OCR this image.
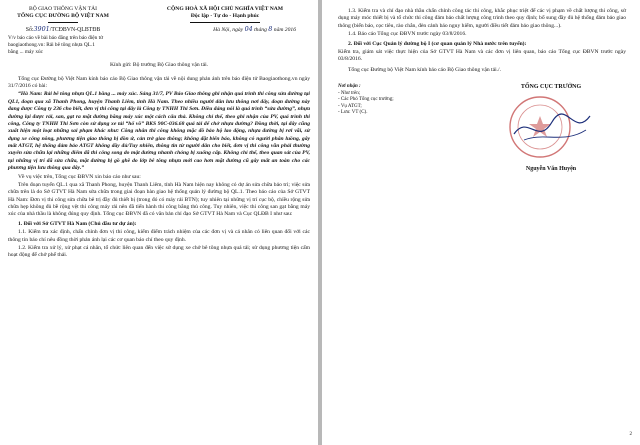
BỘ GIAO THÔNG VẬN TẢI
TỔNG CỤC ĐƯỜNG BỘ VIỆT NAM
Số:3901/TCĐBVN-QLBTĐB
V/v báo cáo về bài báo đăng trên báo điện tử
baogiaothong.vn: Rải bê tông nhựa QL.1
bằng ... máy xúc
CỘNG HOÀ XÃ HỘI CHỦ NGHĨA VIỆT NAM
Độc lập - Tự do - Hạnh phúc
Hà Nội, ngày 04 tháng 8 năm 2016
Kính gửi: Bộ trưởng Bộ Giao thông vận tải.

Tổng cục Đường bộ Việt Nam kính báo cáo Bộ Giao thông vận tải về nội dung phản ánh trên báo điện tử Baogiaothong.vn ngày 31/7/2016 có bài:

“Hà Nam: Rải bê tông nhựa QL.1 bằng ... máy xúc. Sáng 31/7, PV Báo Giao thông ghi nhận quá trình thi công sửa đường tại QL1, đoạn qua xã Thanh Phong, huyện Thanh Liêm, tỉnh Hà Nam. Theo nhiều người dân lưu thông nơi đây, đoạn đường này đang được Công ty 236 cho biết, đơn vị thi công tại đây là Công ty TNHH Thi Sơn. Điều đáng nói là quá trình “sửa đường”, nhựa đường lại được rải, san, gạt ra mặt đường bằng máy xúc một cách cẩu thả. Không chỉ thế, theo ghi nhận của PV, quá trình thi công, Công ty TNHH Thi Sơn còn sử dụng xe tải “hổ vồ” BKS 90C-036.68 quá tải để chở nhựa đường? Đồng thời, tại đây cũng xuất hiện một loạt những sai phạm khác như: Công nhân thi công không mặc đồ bảo hộ lao động, nhựa đường bị rơi vãi, sử dụng xe công nông, phương tiện giao thông bị dồn ứ, cản trở giao thông; không đặt biển báo, không có người phân luồng, gây mất ATGT, hệ thống đảm bảo ATGT không đầy đủ/Tuy nhiên, thông tin từ người dân cho biết, đơn vị thi công vẫn phải thường xuyên sửa chữa lại những điểm đã thi công song do mật đường nhanh chóng bị xuống cấp. Không chỉ thế, theo quan sát của PV, tại những vị trí đã sửa chữa, mặt đường bị gồ ghề do lớp bê tông nhựa mới cao hơn mặt đường cũ gây mất an toàn cho các phương tiện lưu thông qua đây.”

Về vụ việc trên, Tổng cục ĐBVN xin báo cáo như sau:

Trên đoạn tuyến QL.1 qua xã Thanh Phong, huyện Thanh Liêm, tỉnh Hà Nam hiện nay không có dự án sửa chữa bảo trì; việc sửa chữa trên là do Sở GTVT Hà Nam sửa chữa trong giai đoạn bàn giao hệ thống quản lý đường bộ QL.1. Theo báo cáo của Sở GTVT Hà Nam: Đơn vị thi công sửa chữa bê trị đầy đủ thiết bị (trong đó có máy rải BTN); tuy nhiên tại những vị trí cục bộ, chiều rộng sửa chữa hẹp không đủ bề rộng vệt thi công máy rải nên đã tiến hành thi công bằng thủ công. Tuy nhiên, việc thi công san gạt bằng máy xúc của nhà thầu là không đúng quy định. Tổng cục ĐBVN đã có văn bản chỉ đạo Sở GTVT Hà Nam và Cục QLĐB I như sau:

1. Đối với Sở GTVT Hà Nam (Chủ đầu tư dự án):

1.1. Kiểm tra xác định, chấn chỉnh đơn vị thi công, kiểm điểm trách nhiệm của các đơn vị và cá nhân có liên quan đối với các thông tin báo chí nêu đồng thời phản ánh lại các cơ quan báo chí theo quy định.

1.2. Kiểm tra xử lý, xử phạt cá nhân, tổ chức liên quan đến việc sử dụng xe chở bê tông nhựa quá tải; sử dụng phương tiện cấm hoạt động để chở phế thải.

1.3. Kiểm tra và chỉ đạo nhà thầu chấn chỉnh công tác thi công, khắc phục triệt để các vị phạm về chất lượng thi công, sử dụng máy móc thiết bị và tổ chức thi công đảm bảo chất lượng công trình theo quy định; bổ sung đầy đủ hệ thống đảm bảo giao thông (biển báo, cọc tiêu, rào chắn, đèn cảnh báo nguy hiểm, người điều tiết đảm bảo giao thông...).

1.4. Báo cáo Tổng cục ĐBVN trước ngày 03/8/2016.

2. Đối với Cục Quản lý đường bộ I (cơ quan quản lý Nhà nước trên tuyến):

Kiểm tra, giám sát việc thực hiện của Sở GTVT Hà Nam và các đơn vị liên quan, báo cáo Tổng cục ĐBVN trước ngày 03/8/2016.

Tổng cục Đường bộ Việt Nam kính báo cáo Bộ Giao thông vận tải./.

Nơi nhận :
- Như trên;
- Các Phó Tổng cục trưởng;
- Vụ ATGT;
- Lưu: VT (C).
TỔNG CỤC TRƯỞNG
Nguyễn Văn Huyện
2
